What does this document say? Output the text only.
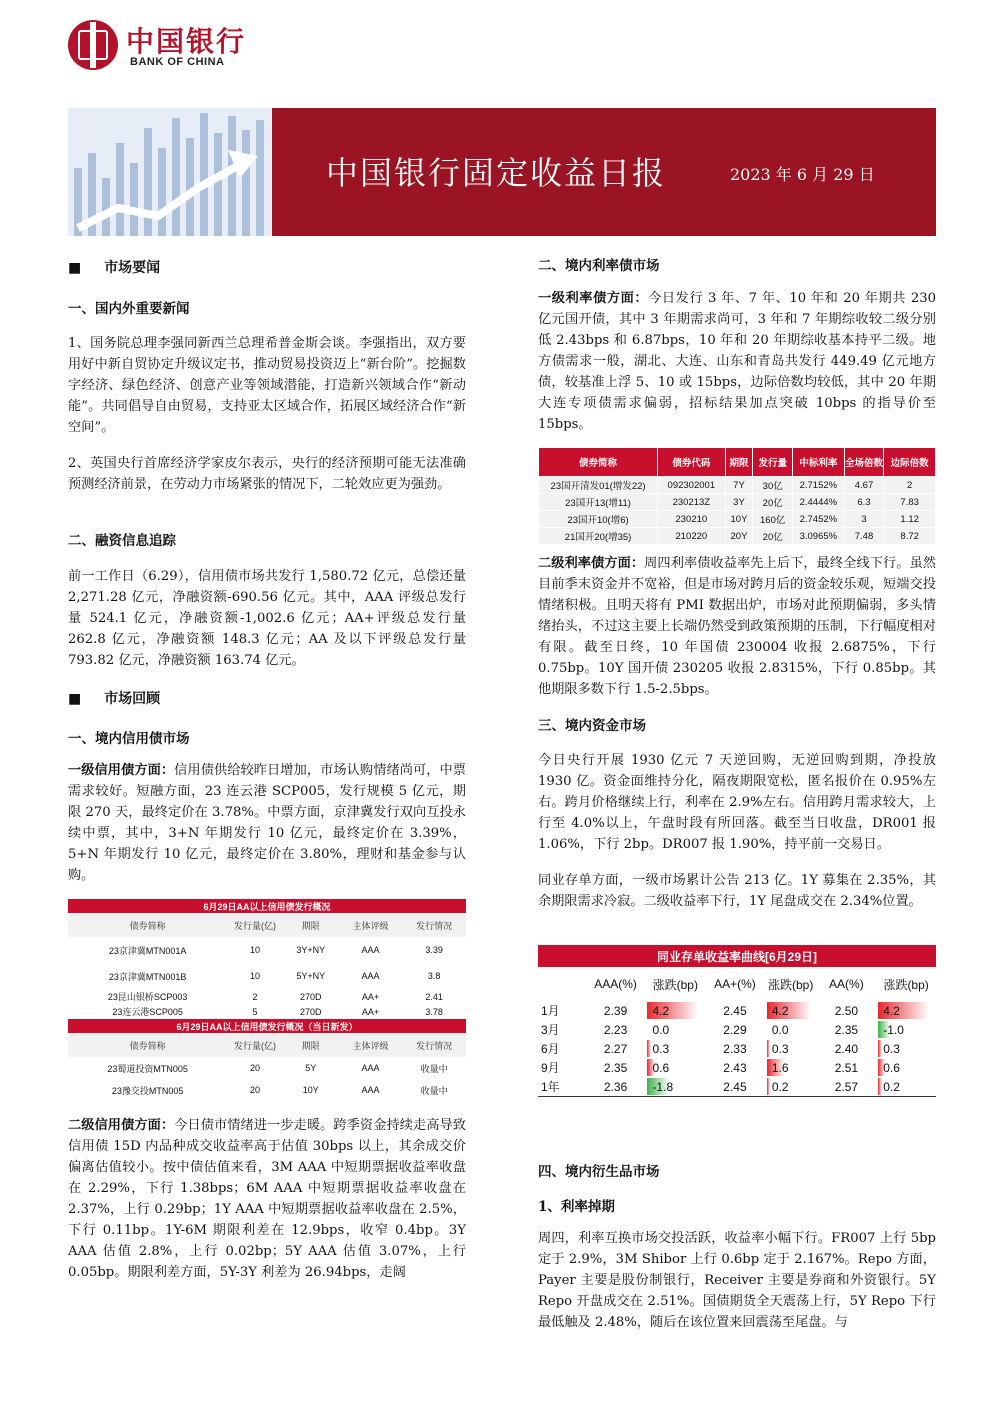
中国银行
BANK OF CHINA
中国银行固定收益日报	2023 年 6 月 29 日
■ 市场要闻
一、国内外重要新闻
1、国务院总理李强同新西兰总理希普金斯会谈。李强指出，双方要用好中新自贸协定升级议定书，推动贸易投资迈上“新台阶”。挖掘数字经济、绿色经济、创意产业等领域潜能，打造新兴领域合作“新动能”。共同倡导自由贸易，支持亚太区域合作，拓展区域经济合作“新空间”。
2、英国央行首席经济学家皮尔表示，央行的经济预期可能无法准确预测经济前景，在劳动力市场紧张的情况下，二轮效应更为强劲。
二、融资信息追踪
前一工作日（6.29），信用债市场共发行 1,580.72 亿元，总偿还量 2,271.28 亿元，净融资额-690.56 亿元。其中，AAA 评级总发行量 524.1 亿元，净融资额-1,002.6 亿元；AA+评级总发行量 262.8 亿元，净融资额 148.3 亿元；AA 及以下评级总发行量 793.82 亿元，净融资额 163.74 亿元。
■ 市场回顾
一、境内信用债市场
一级信用债方面：信用债供给较昨日增加，市场认购情绪尚可，中票需求较好。短融方面，23 连云港 SCP005，发行规模 5 亿元，期限 270 天，最终定价在 3.78%。中票方面，京津冀发行双向互投永续中票，其中，3+N 年期发行 10 亿元，最终定价在 3.39%，5+N 年期发行 10 亿元，最终定价在 3.80%，理财和基金参与认购。
6月29日AA以上信用债发行概况				
债券简称	发行量(亿)	期限	主体评级	发行情况
23京津冀MTN001A	10	3Y+NY	AAA	3.39
23京津冀MTN001B	10	5Y+NY	AAA	3.8
23昆山银桥SCP003	2	270D	AA+	2.41
23连云港SCP005	5	270D	AA+	3.78
6月29日AA以上信用债发行概况（当日新发）				
债券简称	发行量(亿)	期限	主体评级	发行情况
23蜀道投资MTN005	20	5Y	AAA	收量中
23豫交投MTN005	20	10Y	AAA	收量中
二级信用债方面：今日债市情绪进一步走暖。跨季资金持续走高导致信用债 15D 内品种成交收益率高于估值 30bps 以上，其余成交价偏离估值较小。按中债估值来看，3M AAA 中短期票据收益率收盘在 2.29%，下行 1.38bps；6M AAA 中短期票据收益率收盘在 2.37%，上行 0.29bp；1Y AAA 中短期票据收益率收盘在 2.5%，下行 0.11bp。1Y-6M 期限利差在 12.9bps，收窄 0.4bp。3Y AAA 估值 2.8%，上行 0.02bp；5Y AAA 估值 3.07%，上行 0.05bp。期限利差方面，5Y-3Y 利差为 26.94bps，走阔
二、境内利率债市场
一级利率债方面：今日发行 3 年、7 年、10 年和 20 年期共 230 亿元国开债，其中 3 年期需求尚可，3 年和 7 年期综收较二级分别低 2.43bps 和 6.87bps，10 年和 20 年期综收基本持平二级。地方债需求一般，湖北、大连、山东和青岛共发行 449.49 亿元地方债，较基准上浮 5、10 或 15bps，边际倍数均较低，其中 20 年期大连专项债需求偏弱，招标结果加点突破 10bps 的指导价至 15bps。
债券简称	债券代码	期限	发行量	中标利率	全场倍数	边际倍数
23国开清发01(增发22)	092302001	7Y	30亿	2.7152%	4.67	2
23国开13(增11)	230213Z	3Y	20亿	2.4444%	6.3	7.83
23国开10(增6)	230210	10Y	160亿	2.7452%	3	1.12
21国开20(增35)	210220	20Y	20亿	3.0965%	7.48	8.72
二级利率债方面：周四利率债收益率先上后下，最终全线下行。虽然目前季末资金并不宽裕，但是市场对跨月后的资金较乐观，短端交投情绪积极。且明天将有 PMI 数据出炉，市场对此预期偏弱，多头情绪抬头，不过这主要上长端仍然受到政策预期的压制，下行幅度相对有限。截至日终，10 年国债 230004 收报 2.6875%，下行 0.75bp。10Y 国开债 230205 收报 2.8315%，下行 0.85bp。其他期限多数下行 1.5-2.5bps。
三、境内资金市场
今日央行开展 1930 亿元 7 天逆回购，无逆回购到期，净投放 1930 亿。资金面维持分化，隔夜期限宽松，匿名报价在 0.95%左右。跨月价格继续上行，利率在 2.9%左右。信用跨月需求较大，上行至 4.0%以上，午盘时段有所回落。截至当日收盘，DR001 报 1.06%，下行 2bp。DR007 报 1.90%，持平前一交易日。
同业存单方面，一级市场累计公告 213 亿。1Y 募集在 2.35%，其余期限需求冷寂。二级收益率下行，1Y 尾盘成交在 2.34%位置。
同业存单收益率曲线[6月29日]						
	AAA(%)	涨跌(bp)	AA+(%)	涨跌(bp)	AA(%)	涨跌(bp)
1月	2.39	4.2	2.45	4.2	2.50	4.2
3月	2.23	0.0	2.29	0.0	2.35	-1.0
6月	2.27	0.3	2.33	0.3	2.40	0.3
9月	2.35	0.6	2.43	1.6	2.51	0.6
1年	2.36	-1.8	2.45	0.2	2.57	0.2
四、境内衍生品市场
1、利率掉期
周四，利率互换市场交投活跃，收益率小幅下行。FR007 上行 5bp 定于 2.9%，3M Shibor 上行 0.6bp 定于 2.167%。Repo 方面，Payer 主要是股份制银行，Receiver 主要是券商和外资银行。5Y Repo 开盘成交在 2.51%。国债期货全天震荡上行，5Y Repo 下行最低触及 2.48%，随后在该位置来回震荡至尾盘。与
